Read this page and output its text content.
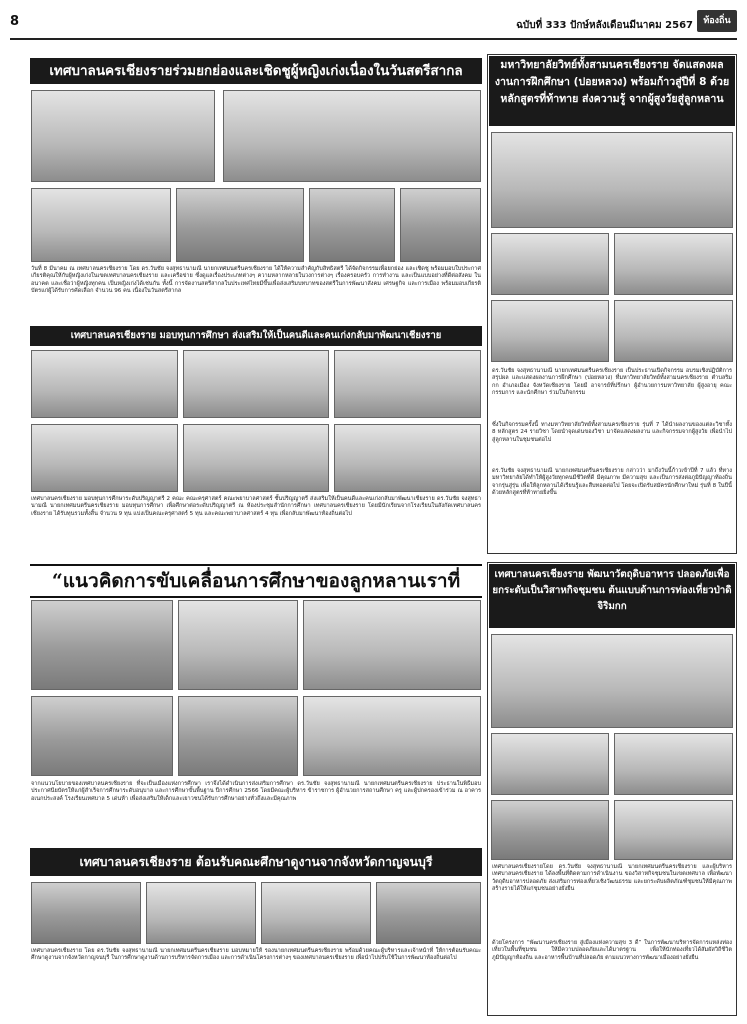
8	ฉบับที่ 333 ปักษ์หลังเดือนมีนาคม 2567	ท้องถิ่น
เทศบาลนครเชียงรายร่วมยกย่องและเชิดชูผู้หญิงเก่งเนื่องในวันสตรีสากล
วันที่ 8 มีนาคม ณ เทศบาลนครเชียงราย โดย ดร.วันชัย จงสุทธานามณี นายกเทศมนตรีนครเชียงราย ได้ให้ความสำคัญกับสิทธิสตรี ได้จัดกิจกรรมเพื่อยกย่อง และเชิดชู พร้อมมอบใบประกาศเกียรติคุณให้กับผู้หญิงเก่งในเขตเทศบาลนครเชียงราย และเครือข่าย ซึ่งดูแลเรื่องประเภทต่างๆ ความหลากหลายในวงการต่างๆ เรื่องครอบครัว การทำงาน และเป็นแบบอย่างที่ดีต่อสังคม ในอนาคต และเชื่อว่าผู้หญิงทุกคน เป็นหญิงเก่งได้เช่นกัน ทั้งนี้ การจัดงานสตรีสากลในประเทศไทยมีขึ้นเพื่อส่งเสริมบทบาทของสตรีในการพัฒนาสังคม เศรษฐกิจ และการเมือง พร้อมมอบเกียรติบัตรแก่ผู้ได้รับการคัดเลือก จำนวน 96 คน เนื่องในวันสตรีสากล
เทศบาลนครเชียงราย มอบทุนการศึกษา ส่งเสริมให้เป็นคนดีและคนเก่งกลับมาพัฒนาเชียงราย
เทศบาลนครเชียงราย มอบทุนการศึกษาระดับปริญญาตรี 2 คณะ คณะครุศาสตร์ คณะพยาบาลศาสตร์ ชั้นปริญญาตรี ส่งเสริมให้เป็นคนดีและคนเก่งกลับมาพัฒนาเชียงราย ดร.วันชัย จงสุทธานามณี นายกเทศมนตรีนครเชียงราย มอบทุนการศึกษา เพื่อศึกษาต่อระดับปริญญาตรี ณ ห้องประชุมสำนักการศึกษา เทศบาลนครเชียงราย โดยมีนักเรียนจากโรงเรียนในสังกัดเทศบาลนครเชียงราย ได้รับทุนรวมทั้งสิ้น จำนวน 9 ทุน แบ่งเป็นคณะครุศาสตร์ 5 ทุน และคณะพยาบาลศาสตร์ 4 ทุน เพื่อกลับมาพัฒนาท้องถิ่นต่อไป
“แนวคิดการขับเคลื่อนการศึกษาของลูกหลานเราที่
จากแนวนโยบายของเทศบาลนครเชียงราย ที่จะเป็นเมืองแห่งการศึกษา เราจึงได้ดำเนินการส่งเสริมการศึกษา ดร.วันชัย จงสุทธานามณี นายกเทศมนตรีนครเชียงราย ประธานในพิธีมอบประกาศนียบัตรให้แก่ผู้สำเร็จการศึกษาระดับอนุบาล และการศึกษาขั้นพื้นฐาน ปีการศึกษา 2566 โดยมีคณะผู้บริหาร ข้าราชการ ผู้อำนวยการสถานศึกษา ครู และผู้ปกครองเข้าร่วม ณ อาคารอเนกประสงค์ โรงเรียนเทศบาล 5 เด่นห้า เพื่อส่งเสริมให้เด็กและเยาวชนได้รับการศึกษาอย่างทั่วถึงและมีคุณภาพ
เทศบาลนครเชียงราย ต้อนรับคณะศึกษาดูงานจากจังหวัดกาญจนบุรี
เทศบาลนครเชียงราย โดย ดร.วันชัย จงสุทธานามณี นายกเทศมนตรีนครเชียงราย มอบหมายให้ รองนายกเทศมนตรีนครเชียงราย พร้อมด้วยคณะผู้บริหารและเจ้าหน้าที่ ให้การต้อนรับคณะศึกษาดูงานจากจังหวัดกาญจนบุรี ในการศึกษาดูงานด้านการบริหารจัดการเมือง และการดำเนินโครงการต่างๆ ของเทศบาลนครเชียงราย เพื่อนำไปปรับใช้ในการพัฒนาท้องถิ่นต่อไป
มหาวิทยาลัยวิทย์ทั้งสามนครเชียงราย จัดแสดงผลงานการฝึกศึกษา (ปอยหลวง) พร้อมก้าวสู่ปีที่ 8 ด้วยหลักสูตรที่ท้าทาย ส่งความรู้ จากผู้สูงวัยสู่ลูกหลาน
ดร.วันชัย จงสุทธานามณี นายกเทศมนตรีนครเชียงราย เป็นประธานเปิดกิจกรรม อบรมเชิงปฏิบัติการสรุปผล และแสดงผลงานการฝึกศึกษา (ปอยหลวง) ที่มหาวิทยาลัยวิทย์ทั้งสามนครเชียงราย ตำบลริมกก อำเภอเมือง จังหวัดเชียงราย โดยมี อาจารย์ที่ปรึกษา ผู้อำนวยการมหาวิทยาลัย ผู้สูงอายุ คณะกรรมการ และนักศึกษา ร่วมในกิจกรรม
ซึ่งในกิจกรรมครั้งนี้ ทางมหาวิทยาลัยวิทย์ทั้งสามนครเชียงราย รุ่นที่ 7 ได้นำผลงานของแต่ละวิชาทั้ง 8 หลักสูตร 24 รายวิชา โดยนำจุดเด่นของวิชา มาจัดแสดงผลงาน และกิจกรรมจากผู้สูงวัย เพื่อนำไปสู่ลูกหลานในชุมชนต่อไป
ดร.วันชัย จงสุทธานามณี นายกเทศมนตรีนครเชียงราย กล่าวว่า มาถึงวันนี้ก้าวเข้าปีที่ 7 แล้ว ที่ทางมหาวิทยาลัยได้ทำให้ผู้สูงวัยทุกคนมีชีวิตที่ดี มีคุณภาพ มีความสุข และเป็นการส่งต่อภูมิปัญญาท้องถิ่นจากรุ่นสู่รุ่น เพื่อให้ลูกหลานได้เรียนรู้และสืบทอดต่อไป โดยจะเปิดรับสมัครนักศึกษาใหม่ รุ่นที่ 8 ในปีนี้ ด้วยหลักสูตรที่ท้าทายยิ่งขึ้น
เทศบาลนครเชียงราย พัฒนาวัตถุดิบอาหาร ปลอดภัยเพื่อยกระดับเป็นวิสาหกิจชุมชน ต้นแบบด้านการท่องเที่ยวป่าดิจิริมกก
เทศบาลนครเชียงรายโดย ดร.วันชัย จงสุทธานามณี นายกเทศมนตรีนครเชียงราย และผู้บริหารเทศบาลนครเชียงราย ได้ลงพื้นที่ติดตามการดำเนินงาน ของวิสาหกิจชุมชนในเขตเทศบาล เพื่อพัฒนาวัตถุดิบอาหารปลอดภัย ส่งเสริมการท่องเที่ยวเชิงวัฒนธรรม และยกระดับผลิตภัณฑ์ชุมชนให้มีคุณภาพ สร้างรายได้ให้แก่ชุมชนอย่างยั่งยืน
ด้วยโครงการ “พัฒนานครเชียงราย สู่เมืองแห่งความสุข 3 ดี” ในการพัฒนาบริหารจัดการแหล่งท่องเที่ยวในพื้นที่ชุมชน ให้มีความปลอดภัยและได้มาตรฐาน เพื่อให้นักท่องเที่ยวได้สัมผัสวิถีชีวิต ภูมิปัญญาท้องถิ่น และอาหารพื้นบ้านที่ปลอดภัย ตามแนวทางการพัฒนาเมืองอย่างยั่งยืน
